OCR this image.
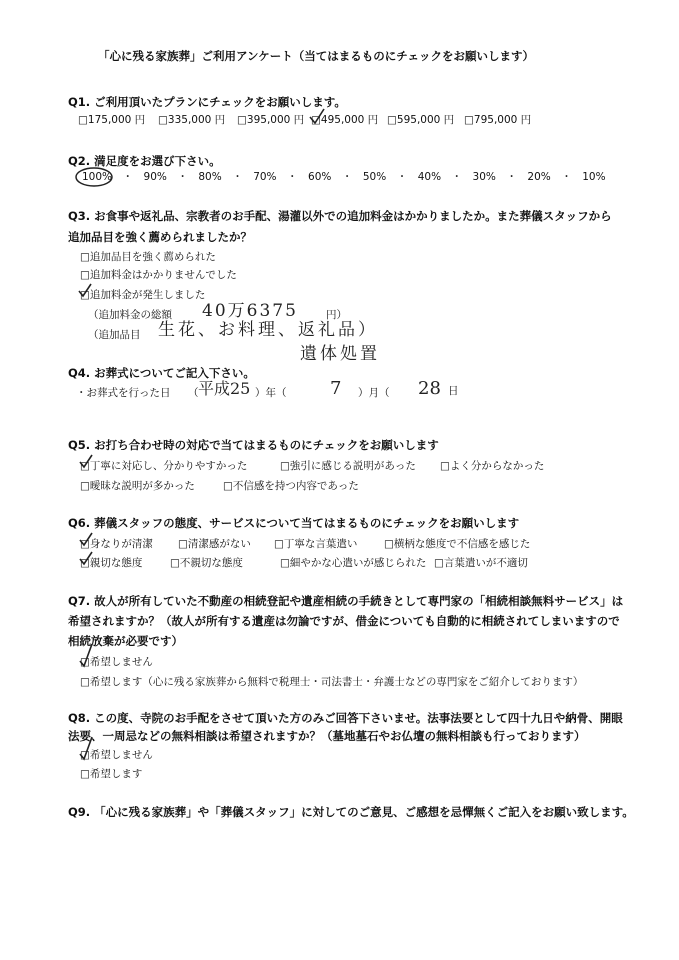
「心に残る家族葬」ご利用アンケート（当てはまるものにチェックをお願いします）
Q1. ご利用頂いたプランにチェックをお願いします。
□175,000 円 □335,000 円 □395,000 円 □495,000 円 □595,000 円 □795,000 円
Q2. 満足度をお選び下さい。
100%　・　90%　・　80%　・　70%　・　60%　・　50%　・　40%　・　30%　・　20%　・　10%
Q3. お食事や返礼品、宗教者のお手配、湯灌以外での追加料金はかかりましたか。また葬儀スタッフから
追加品目を強く薦められましたか？
□追加品目を強く薦められた
□追加料金はかかりませんでした
□追加料金が発生しました
（追加料金の総額 40万6375	円）
（追加品目 生花、お料理、返礼品）
遺体処置
Q4. お葬式についてご記入下さい。
・お葬式を行った日 （ 平成25 ）年（ 7 ）月（ 28 日
Q5. お打ち合わせ時の対応で当てはまるものにチェックをお願いします
□丁寧に対応し、分かりやすかった	□強引に感じる説明があった □よく分からなかった
□曖昧な説明が多かった	□不信感を持つ内容であった
Q6. 葬儀スタッフの態度、サービスについて当てはまるものにチェックをお願いします
□身なりが清潔 □清潔感がない □丁寧な言葉遣い	□横柄な態度で不信感を感じた
□親切な態度	□不親切な態度	□細やかな心遣いが感じられた □言葉遣いが不適切
Q7. 故人が所有していた不動産の相続登記や遺産相続の手続きとして専門家の「相続相談無料サービス」は
希望されますか？（故人が所有する遺産は勿論ですが、借金についても自動的に相続されてしまいますので
相続放棄が必要です）
□希望しません
□希望します（心に残る家族葬から無料で税理士・司法書士・弁護士などの専門家をご紹介しております）
Q8. この度、寺院のお手配をさせて頂いた方のみご回答下さいませ。法事法要として四十九日や納骨、開眼
法要、一周忌などの無料相談は希望されますか？（墓地墓石やお仏壇の無料相談も行っております）
□希望しません
□希望します
Q9. 「心に残る家族葬」や「葬儀スタッフ」に対してのご意見、ご感想を忌憚無くご記入をお願い致します。
